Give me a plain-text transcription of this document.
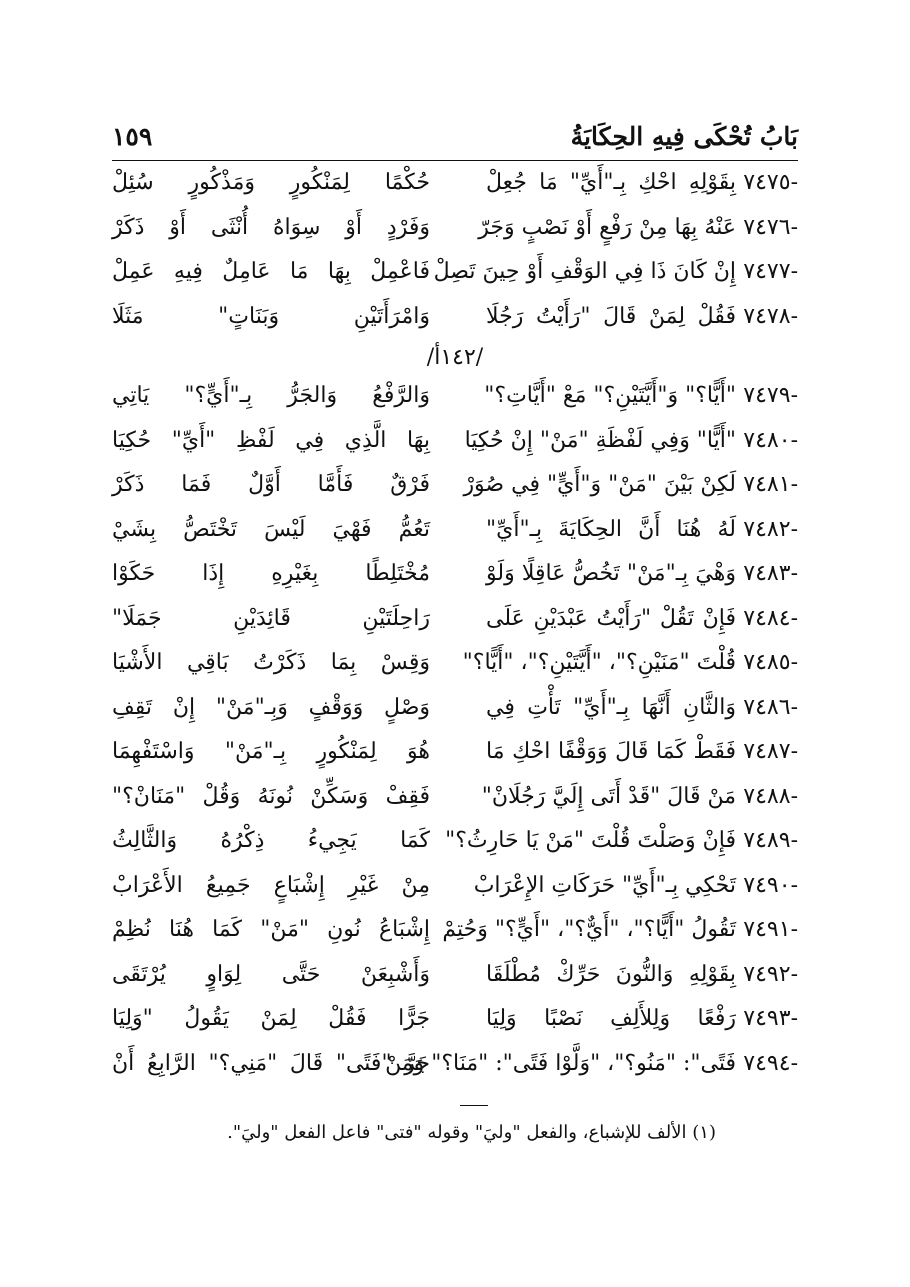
بَابُ تُحْكَى فِيهِ الحِكَايَةُ
١٥٩
٧٤٧٥-
بِقَوْلِهِ احْكِ بِـ"أَيِّ" مَا جُعِلْ
حُكْمًا لِمَنْكُورٍ وَمَذْكُورٍ سُئِلْ
٧٤٧٦-
عَنْهُ بِهَا مِنْ رَفْعٍ أَوْ نَصْبٍ وَجَرّ
وَفَرْدٍ أَوْ سِوَاهُ أُنْثَى أَوْ ذَكَرْ
٧٤٧٧-
إِنْ كَانَ ذَا فِي الوَقْفِ أَوْ حِينَ تَصِلْ
فَاعْمِلْ بِهَا مَا عَامِلٌ فِيهِ عَمِلْ
٧٤٧٨-
فَقُلْ لِمَنْ قَالَ "رَأَيْتُ رَجُلَا
وَامْرَأَتَيْنِ وَبَنَاتٍ" مَثَلَا
/١٤٢أ/
٧٤٧٩-
"أَيًّا؟" وَ"أَيَّتَيْنِ؟" مَعْ "أَيَّاتِ؟"
وَالرَّفْعُ وَالجَرُّ بِـ"أَيٍّ؟" يَاتِي
٧٤٨٠-
"أَيًّا" وَفِي لَفْظَةِ "مَنْ" إِنْ حُكِيَا
بِهَا الَّذِي فِي لَفْظِ "أَيِّ" حُكِيَا
٧٤٨١-
لَكِنْ بَيْنَ "مَنْ" وَ"أَيٍّ" فِي صُوَرْ
فَرْقٌ فَأَمَّا أَوَّلٌ فَمَا ذَكَرْ
٧٤٨٢-
لَهُ هُنَا أَنَّ الحِكَايَةَ بِـ"أَيِّ"
تَعُمُّ فَهْيَ لَيْسَ تَخْتَصُّ بِشَيْ
٧٤٨٣-
وَهْيَ بِـ"مَنْ" تَخُصُّ عَاقِلًا وَلَوْ
مُخْتَلِطًا بِغَيْرِهِ إِذَا حَكَوْا
٧٤٨٤-
فَإِنْ تَقُلْ "رَأَيْتُ عَبْدَيْنِ عَلَى
رَاحِلَتَيْنِ قَائِدَيْنِ جَمَلَا"
٧٤٨٥-
قُلْتَ "مَنَيْنِ؟"، "أَيَّتَيْنِ؟"، "أَيًّا؟"
وَقِسْ بِمَا ذَكَرْتُ بَاقِي الأَشْيَا
٧٤٨٦-
وَالثَّانِ أَنَّهَا بِـ"أَيِّ" تَأْتِ فِي
وَصْلٍ وَوَقْفٍ وَبِـ"مَنْ" إِنْ تَقِفِ
٧٤٨٧-
فَقَطْ كَمَا قَالَ وَوَقْفًا احْكِ مَا
هُوَ لِمَنْكُورٍ بِـ"مَنْ" وَاسْتَفْهِمَا
٧٤٨٨-
مَنْ قَالَ "قَدْ أَتَى إِلَيَّ رَجُلَانْ"
فَقِفْ وَسَكِّنْ نُونَهُ وَقُلْ "مَنَانْ؟"
٧٤٨٩-
فَإِنْ وَصَلْتَ قُلْتَ "مَنْ يَا حَارِثُ؟"
كَمَا يَجِيءُ ذِكْرُهُ وَالثَّالِثُ
٧٤٩٠-
تَحْكِي بِـ"أَيِّ" حَرَكَاتِ الإِعْرَابْ
مِنْ غَيْرِ إِشْبَاعٍ جَمِيعُ الأَعْرَابْ
٧٤٩١-
تَقُولُ "أَيًّا؟"، "أَيٌّ؟"، "أَيٍّ؟" وَحُتِمْ
إِشْبَاعُ نُونِ "مَنْ" كَمَا هُنَا نُظِمْ
٧٤٩٢-
بِقَوْلِهِ وَالنُّونَ حَرِّكْ مُطْلَقَا
وَأَشْبِعَنْ حَتَّى لِوَاوٍ يُرْتَقَى
٧٤٩٣-
رَفْعًا وَلِلأَلِفِ نَصْبًا وَلِيَا
جَرًّا فَقُلْ لِمَنْ يَقُولُ "وَلِيَا
٧٤٩٤-
فَتًى": "مَنُو؟"، "وَلَّوْا فَتًى": "مَنَا؟" وَمَنْ
جَرَّ "فَتًى" قَالَ "مَنِي؟" الرَّابِعُ أَنْ
(١) الألف للإشباع، والفعل "وليَ" وقوله "فتى" فاعل الفعل "وليَ".
